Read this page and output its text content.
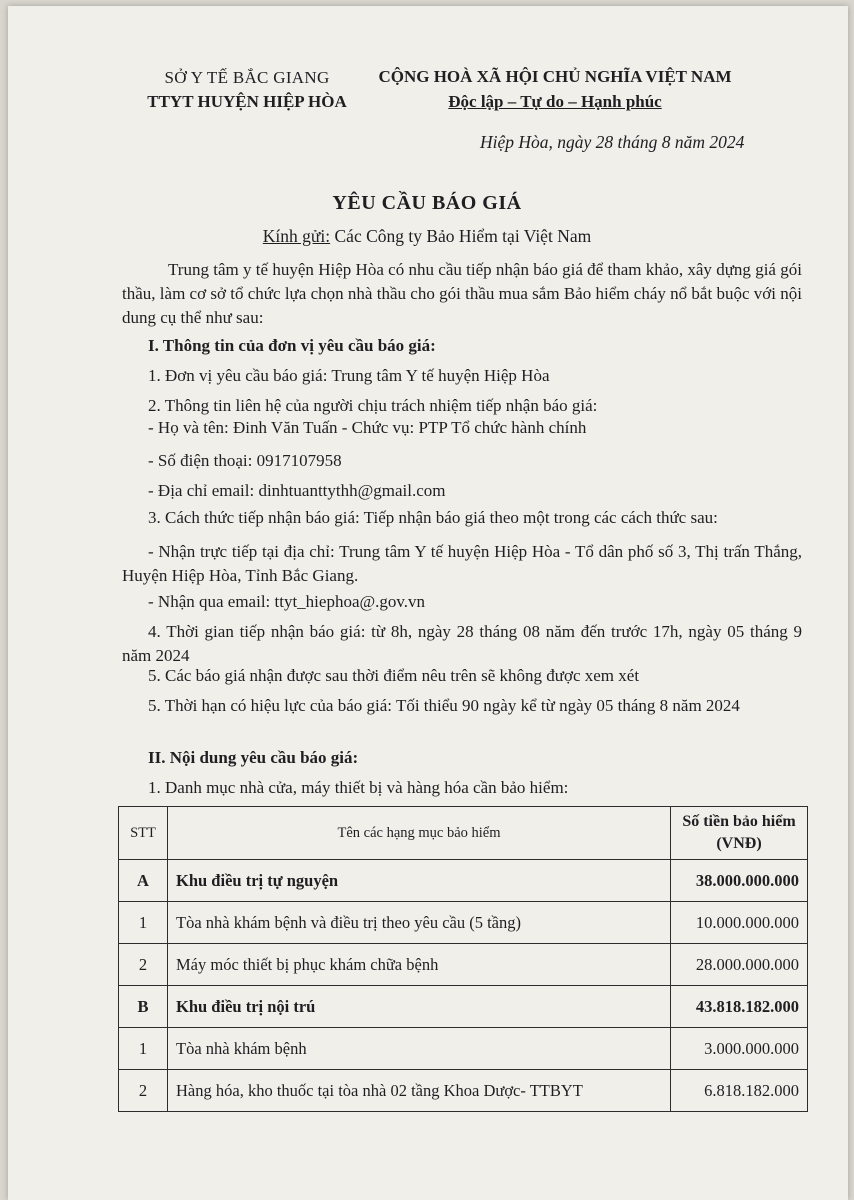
SỞ Y TẾ BẮC GIANG
TTYT HUYỆN HIỆP HÒA
CỘNG HOÀ XÃ HỘI CHỦ NGHĨA VIỆT NAM
Độc lập – Tự do – Hạnh phúc
Hiệp Hòa, ngày 28 tháng 8 năm 2024
YÊU CẦU BÁO GIÁ
Kính gửi: Các Công ty Bảo Hiểm tại Việt Nam
Trung tâm y tế huyện Hiệp Hòa có nhu cầu tiếp nhận báo giá để tham khảo, xây dựng giá gói thầu, làm cơ sở tổ chức lựa chọn nhà thầu cho gói thầu mua sắm Bảo hiểm cháy nổ bắt buộc với nội dung cụ thể như sau:
I. Thông tin của đơn vị yêu cầu báo giá:
1. Đơn vị yêu cầu báo giá: Trung tâm Y tế huyện Hiệp Hòa
2. Thông tin liên hệ của người chịu trách nhiệm tiếp nhận báo giá:
- Họ và tên: Đinh Văn Tuấn - Chức vụ: PTP Tổ chức hành chính
- Số điện thoại: 0917107958
- Địa chỉ email: dinhtuanttythh@gmail.com
3. Cách thức tiếp nhận báo giá: Tiếp nhận báo giá theo một trong các cách thức sau:
- Nhận trực tiếp tại địa chỉ: Trung tâm Y tế huyện Hiệp Hòa - Tổ dân phố số 3, Thị trấn Thắng, Huyện Hiệp Hòa, Tỉnh Bắc Giang.
- Nhận qua email: ttyt_hiephoa@.gov.vn
4. Thời gian tiếp nhận báo giá: từ 8h, ngày 28 tháng 08 năm đến trước 17h, ngày 05 tháng 9 năm 2024
5. Các báo giá nhận được sau thời điểm nêu trên sẽ không được xem xét
5. Thời hạn có hiệu lực của báo giá: Tối thiểu 90 ngày kể từ ngày 05 tháng 8 năm 2024
II. Nội dung yêu cầu báo giá:
1. Danh mục nhà cửa, máy thiết bị và hàng hóa cần bảo hiểm:
STT	Tên các hạng mục bảo hiểm	Số tiền bảo hiểm
(VNĐ)

A	Khu điều trị tự nguyện	38.000.000.000
1	Tòa nhà khám bệnh và điều trị theo yêu cầu (5 tầng)	10.000.000.000
2	Máy móc thiết bị phục khám chữa bệnh	28.000.000.000
B	Khu điều trị nội trú	43.818.182.000
1	Tòa nhà khám bệnh	3.000.000.000
2	Hàng hóa, kho thuốc tại tòa nhà 02 tầng Khoa Dược- TTBYT	6.818.182.000
